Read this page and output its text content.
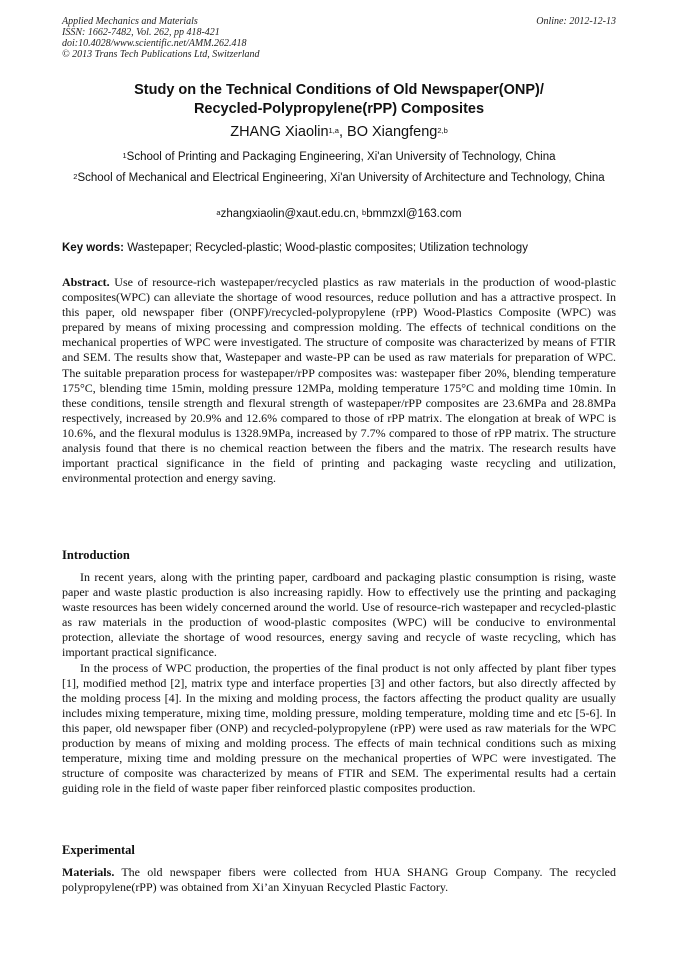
Applied Mechanics and Materials
ISSN: 1662-7482, Vol. 262, pp 418-421
doi:10.4028/www.scientific.net/AMM.262.418
© 2013 Trans Tech Publications Ltd, Switzerland
Online: 2012-12-13
Study on the Technical Conditions of Old Newspaper(ONP)/
Recycled-Polypropylene(rPP) Composites
ZHANG Xiaolin$^{1,a}$, BO Xiangfeng$^{2,b}$
$^1$School of Printing and Packaging Engineering, Xi'an University of Technology, China
$^2$School of Mechanical and Electrical Engineering, Xi'an University of Architecture and Technology, China
$^a$zhangxiaolin@xaut.edu.cn, $^b$bmmzxl@163.com
Key words: Wastepaper; Recycled-plastic; Wood-plastic composites; Utilization technology
Abstract. Use of resource-rich wastepaper/recycled plastics as raw materials in the production of wood-plastic composites(WPC) can alleviate the shortage of wood resources, reduce pollution and has a attractive prospect. In this paper, old newspaper fiber (ONPF)/recycled-polypropylene (rPP) Wood-Plastics Composite (WPC) was prepared by means of mixing processing and compression molding. The effects of technical conditions on the mechanical properties of WPC were investigated. The structure of composite was characterized by means of FTIR and SEM. The results show that, Wastepaper and waste-PP can be used as raw materials for preparation of WPC. The suitable preparation process for wastepaper/rPP composites was: wastepaper fiber 20%, blending temperature 175°C, blending time 15min, molding pressure 12MPa, molding temperature 175°C and molding time 10min. In these conditions, tensile strength and flexural strength of wastepaper/rPP composites are 23.6MPa and 28.8MPa respectively, increased by 20.9% and 12.6% compared to those of rPP matrix. The elongation at break of WPC is 10.6%, and the flexural modulus is 1328.9MPa, increased by 7.7% compared to those of rPP matrix. The structure analysis found that there is no chemical reaction between the fibers and the matrix. The research results have important practical significance in the field of printing and packaging waste recycling and utilization, environmental protection and energy saving.
Introduction

In recent years, along with the printing paper, cardboard and packaging plastic consumption is rising, waste paper and waste plastic production is also increasing rapidly. How to effectively use the printing and packaging waste resources has been widely concerned around the world. Use of resource-rich wastepaper and recycled-plastic as raw materials in the production of wood-plastic composites (WPC) will be conducive to environmental protection, alleviate the shortage of wood resources, energy saving and recycle of waste recycling, which has important practical significance.

In the process of WPC production, the properties of the final product is not only affected by plant fiber types [1], modified method [2], matrix type and interface properties [3] and other factors, but also directly affected by the molding process [4]. In the mixing and molding process, the factors affecting the product quality are usually includes mixing temperature, mixing time, molding pressure, molding temperature, molding time and etc [5-6]. In this paper, old newspaper fiber (ONP) and recycled-polypropylene (rPP) were used as raw materials for the WPC production by means of mixing and molding process. The effects of main technical conditions such as mixing temperature, mixing time and molding pressure on the mechanical properties of WPC were investigated. The structure of composite was characterized by means of FTIR and SEM. The experimental results had a certain guiding role in the field of waste paper fiber reinforced plastic composites production.

Experimental
Materials. The old newspaper fibers were collected from HUA SHANG Group Company. The recycled polypropylene(rPP) was obtained from Xi’an Xinyuan Recycled Plastic Factory.
